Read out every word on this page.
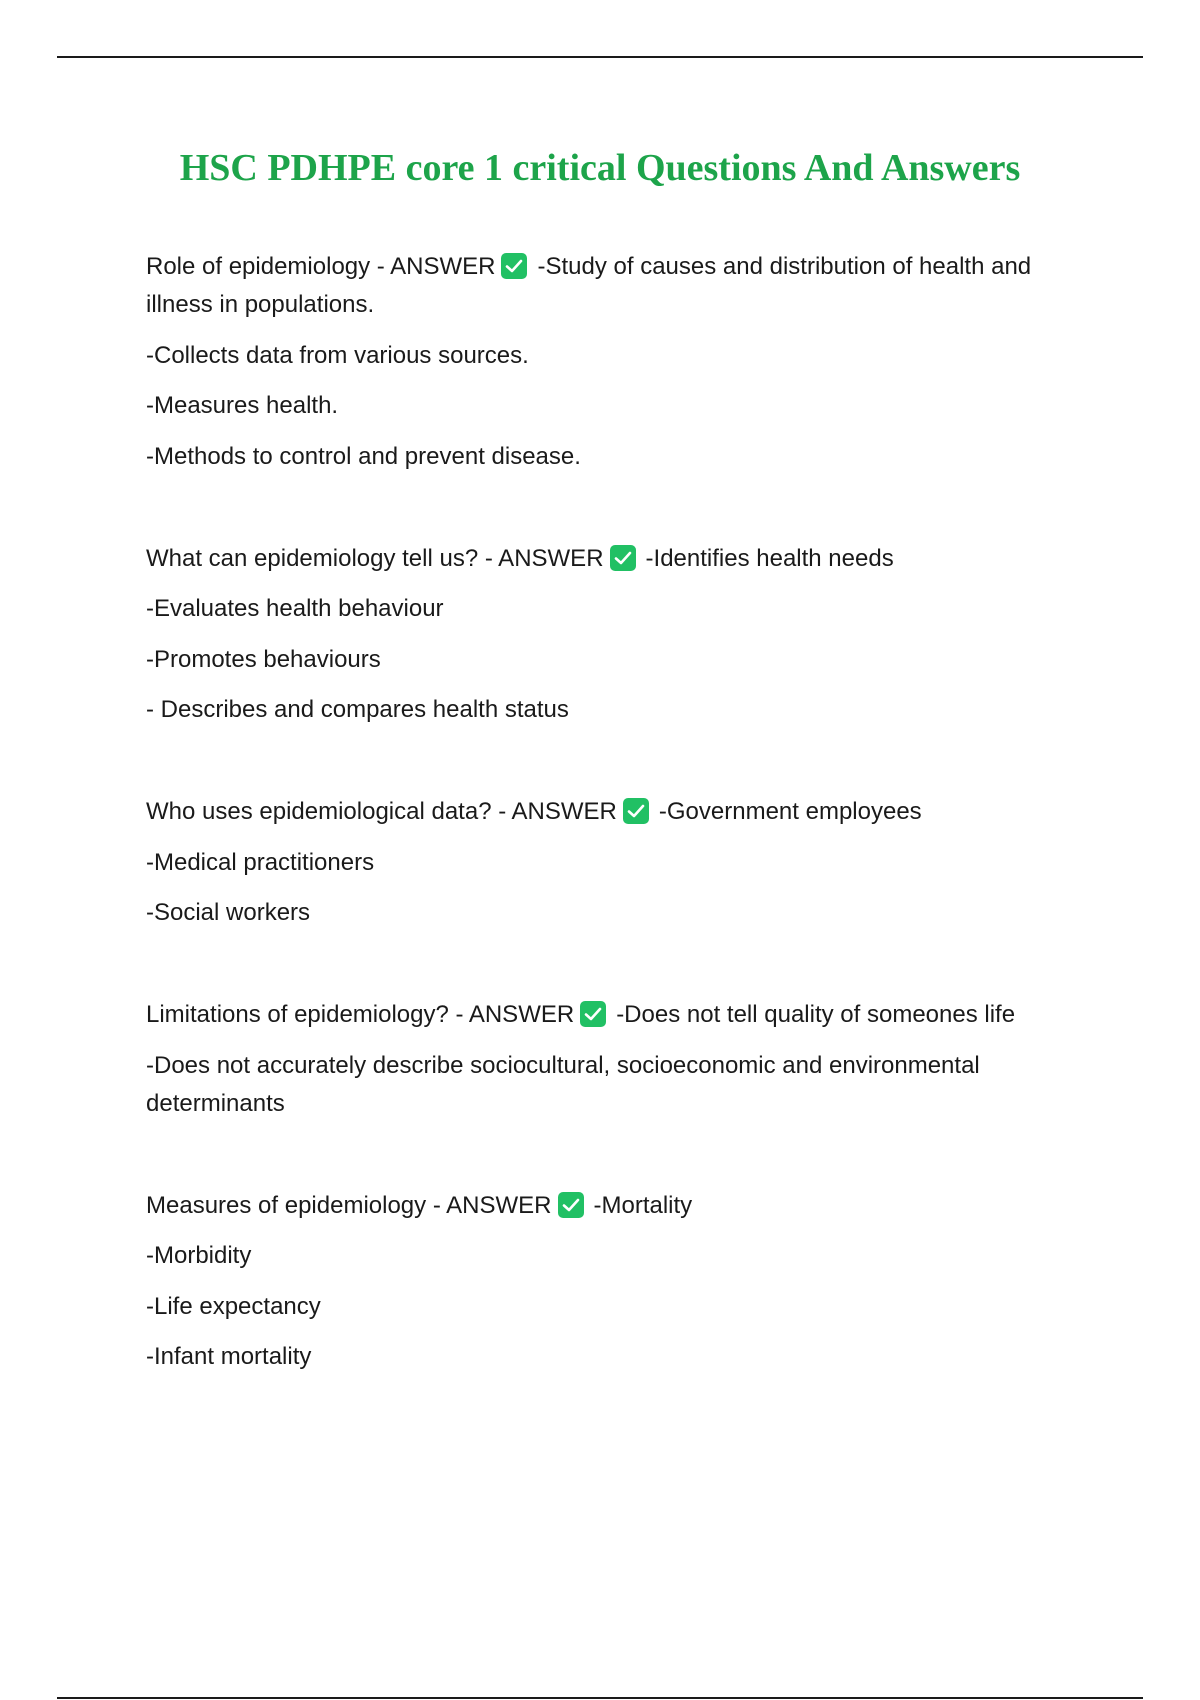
HSC PDHPE core 1 critical Questions And Answers
Role of epidemiology - ANSWER -Study of causes and distribution of health and illness in populations.
-Collects data from various sources.
-Measures health.
-Methods to control and prevent disease.
What can epidemiology tell us? - ANSWER -Identifies health needs
-Evaluates health behaviour
-Promotes behaviours
- Describes and compares health status
Who uses epidemiological data? - ANSWER -Government employees
-Medical practitioners
-Social workers
Limitations of epidemiology? - ANSWER -Does not tell quality of someones life
-Does not accurately describe sociocultural, socioeconomic and environmental determinants
Measures of epidemiology - ANSWER -Mortality
-Morbidity
-Life expectancy
-Infant mortality
